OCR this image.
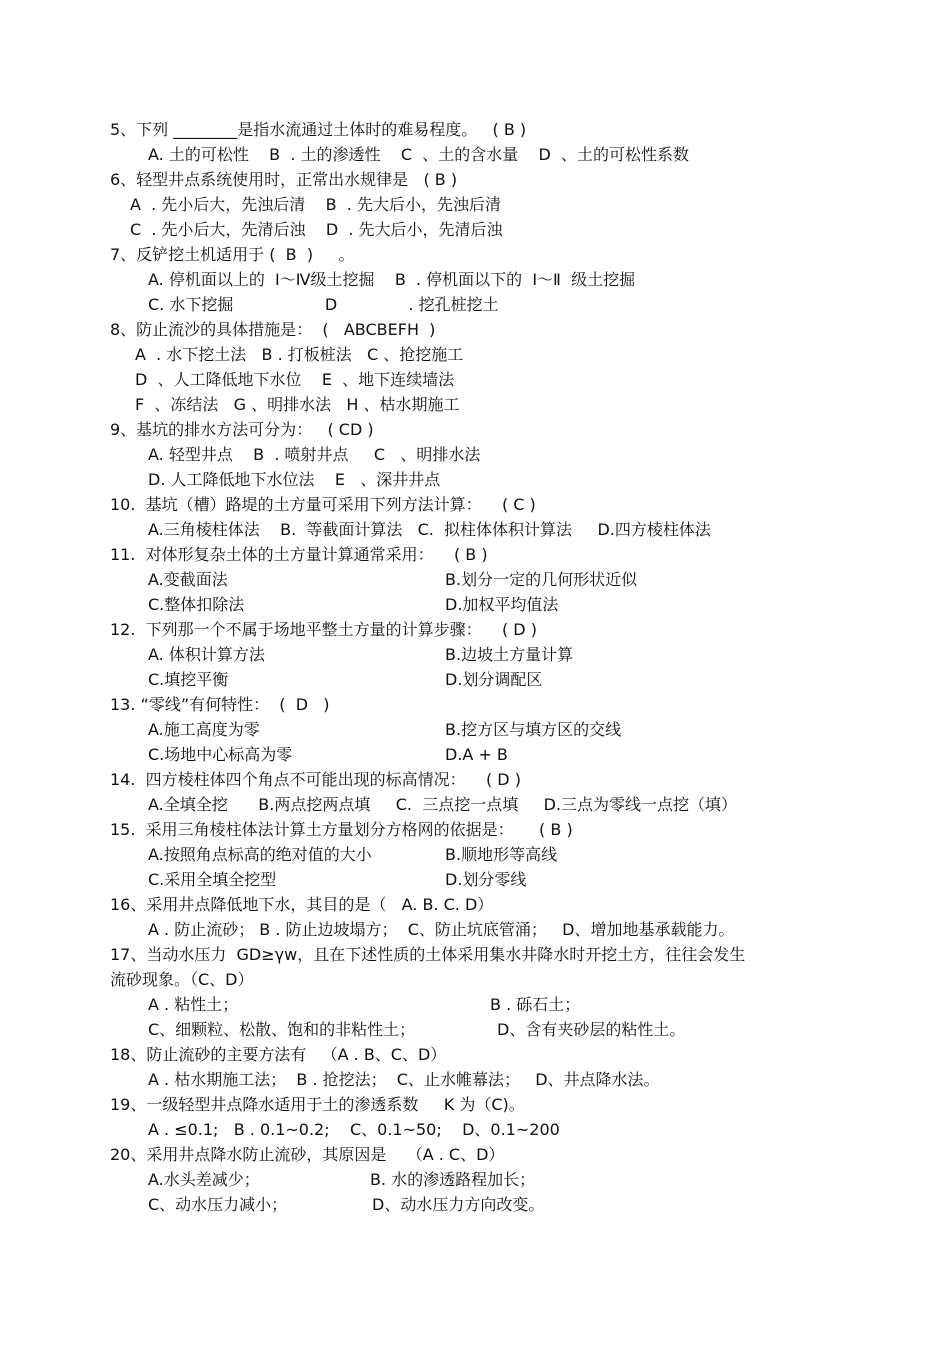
5、下列 ________是指水流通过土体时的难易程度。   ( B )
A. 土的可松性    B  . 土的渗透性    C  、土的含水量    D  、土的可松性系数
6、轻型井点系统使用时，正常出水规律是   ( B )
A  . 先小后大，先浊后清    B  . 先大后小，先浊后清
C  . 先小后大，先清后浊    D  . 先大后小，先清后浊
7、反铲挖土机适用于 (  B  )     。
A. 停机面以上的  Ⅰ～Ⅳ级土挖掘    B  . 停机面以下的  Ⅰ～Ⅱ  级土挖掘
C. 水下挖掘                  D              . 挖孔桩挖土
8、防止流沙的具体措施是：  (   ABCBEFH  )
A  . 水下挖土法   B . 打板桩法   C 、抢挖施工
D  、人工降低地下水位    E  、地下连续墙法
F  、冻结法   G 、明排水法   H 、枯水期施工
9、基坑的排水方法可分为：   ( CD )
A. 轻型井点    B  . 喷射井点     C   、明排水法
D. 人工降低地下水位法    E   、深井井点
10.  基坑（槽）路堤的土方量可采用下列方法计算：    ( C )
A.三角棱柱体法    B.  等截面计算法   C.  拟柱体体积计算法     D.四方棱柱体法
11.  对体形复杂土体的土方量计算通常采用：    ( B )
A.变截面法	B.划分一定的几何形状近似
C.整体扣除法	D.加权平均值法
12.  下列那一个不属于场地平整土方量的计算步骤：    ( D )
A. 体积计算方法	B.边坡土方量计算
C.填挖平衡	D.划分调配区
13. “零线”有何特性：  (  D   )
A.施工高度为零	B.挖方区与填方区的交线
C.场地中心标高为零	D.A + B
14.  四方棱柱体四个角点不可能出现的标高情况：    ( D )
A.全填全挖      B.两点挖两点填     C.  三点挖一点填     D.三点为零线一点挖（填）
15.  采用三角棱柱体法计算土方量划分方格网的依据是：     ( B )
A.按照角点标高的绝对值的大小	B.顺地形等高线
C.采用全填全挖型	D.划分零线
16、采用井点降低地下水，其目的是（   A. B. C. D）
A . 防止流砂； B . 防止边坡塌方；  C、防止坑底管涌；   D、增加地基承载能力。
17、当动水压力  GD≥γw，且在下述性质的土体采用集水井降水时开挖土方，往往会发生
流砂现象。（C、D）
A . 粘性土；	B . 砾石土；
C、细颗粒、松散、饱和的非粘性土；	D、含有夹砂层的粘性土。
18、防止流砂的主要方法有   （A . B、C、D）
A . 枯水期施工法；  B . 抢挖法；  C、止水帷幕法；   D、井点降水法。
19、一级轻型井点降水适用于土的渗透系数     K 为（C)。
A . ≤0.1;   B . 0.1~0.2;    C、0.1~50;    D、0.1~200
20、采用井点降水防止流砂，其原因是    （A . C、D）
A.水头差减少；	B. 水的渗透路程加长；
C、动水压力减小；	D、动水压力方向改变。
